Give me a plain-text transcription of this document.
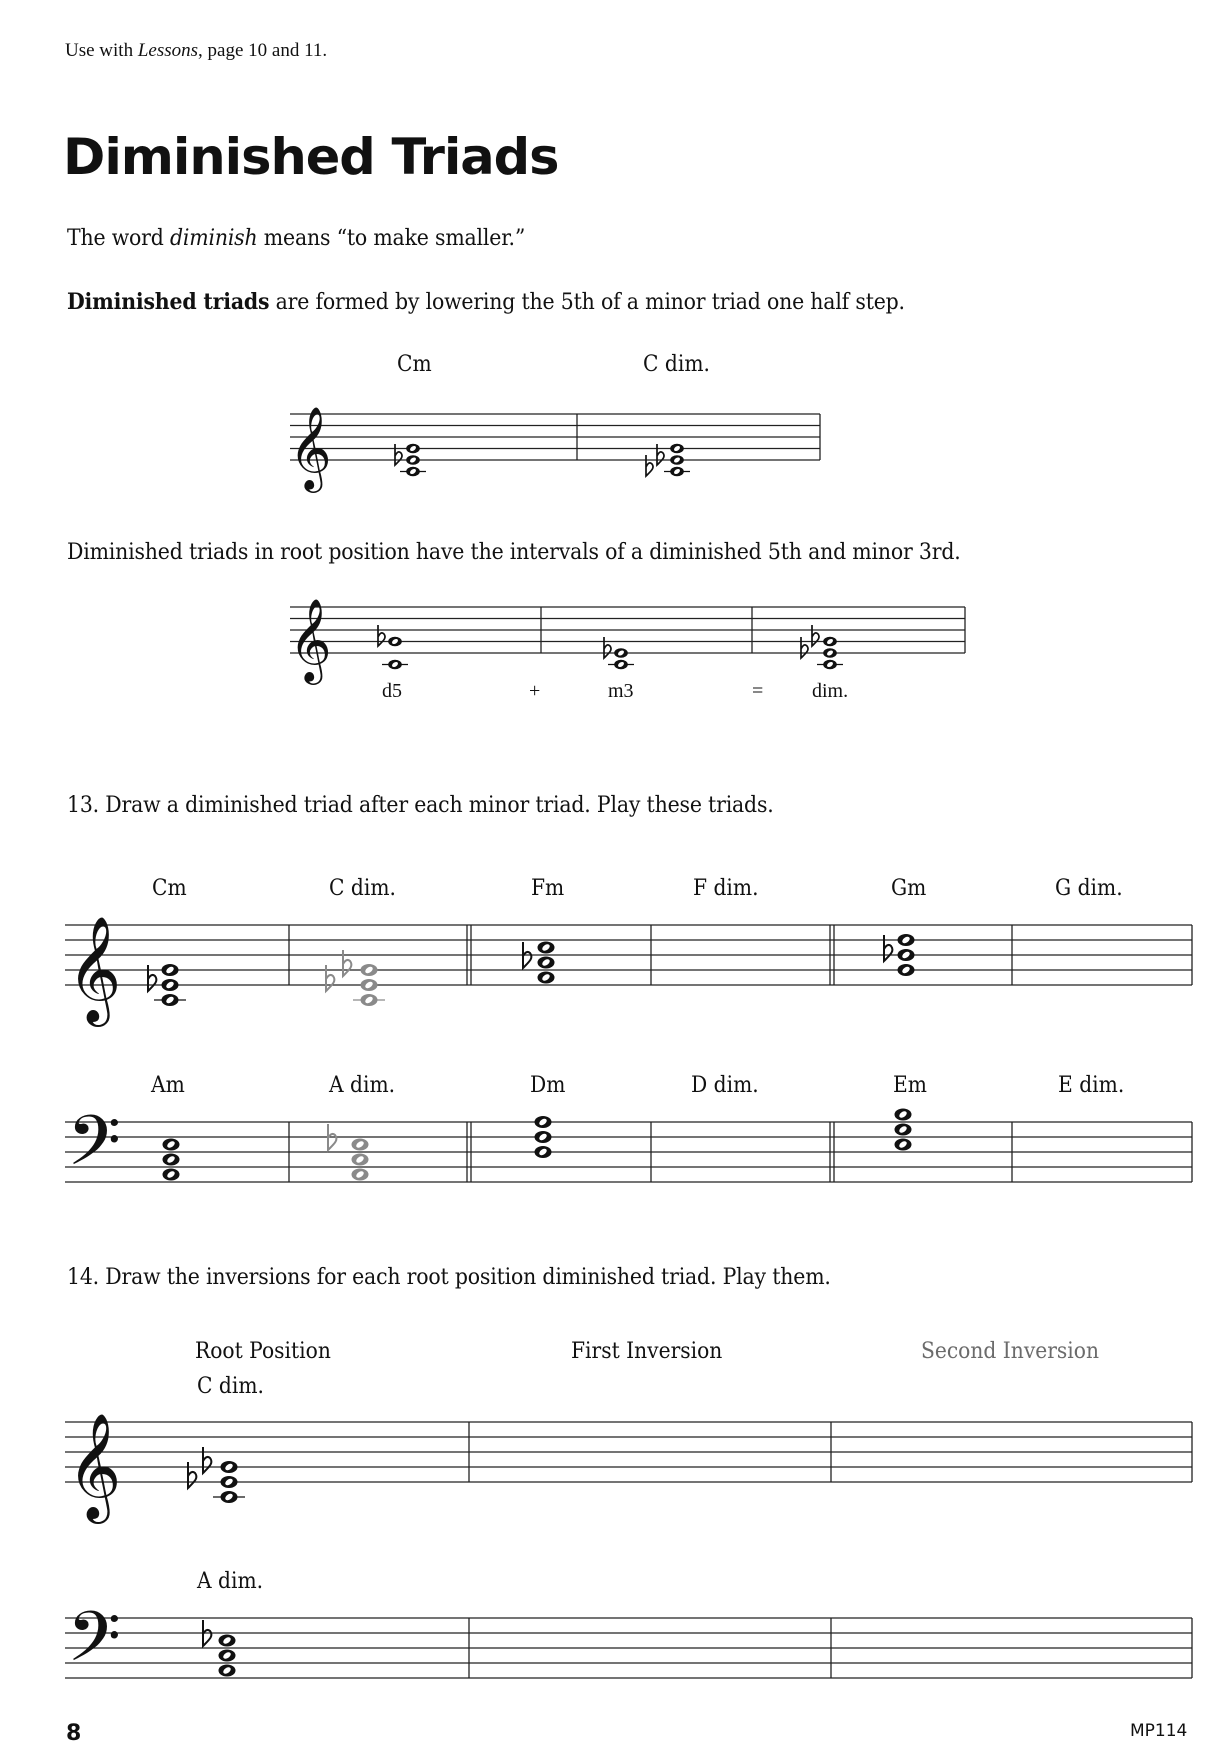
Use with Lessons, page 10 and 11.
Diminished Triads
The word diminish means “to make smaller.”
Diminished triads are formed by lowering the 5th of a minor triad one half step.
Cm	C dim.
Diminished triads in root position have the intervals of a diminished 5th and minor 3rd.
d5	+	m3	= dim.
13. Draw a diminished triad after each minor triad. Play these triads.
Cm	C dim.	Fm	F dim.	Gm	G dim.
Am	A dim.	Dm	D dim.	Em	E dim.
𝄞
𝄞
𝄞
𝄞
𝄢
𝄢
14. Draw the inversions for each root position diminished triad. Play them.
Root Position	First Inversion	Second Inversion
C dim.
A dim.
8	MP114
